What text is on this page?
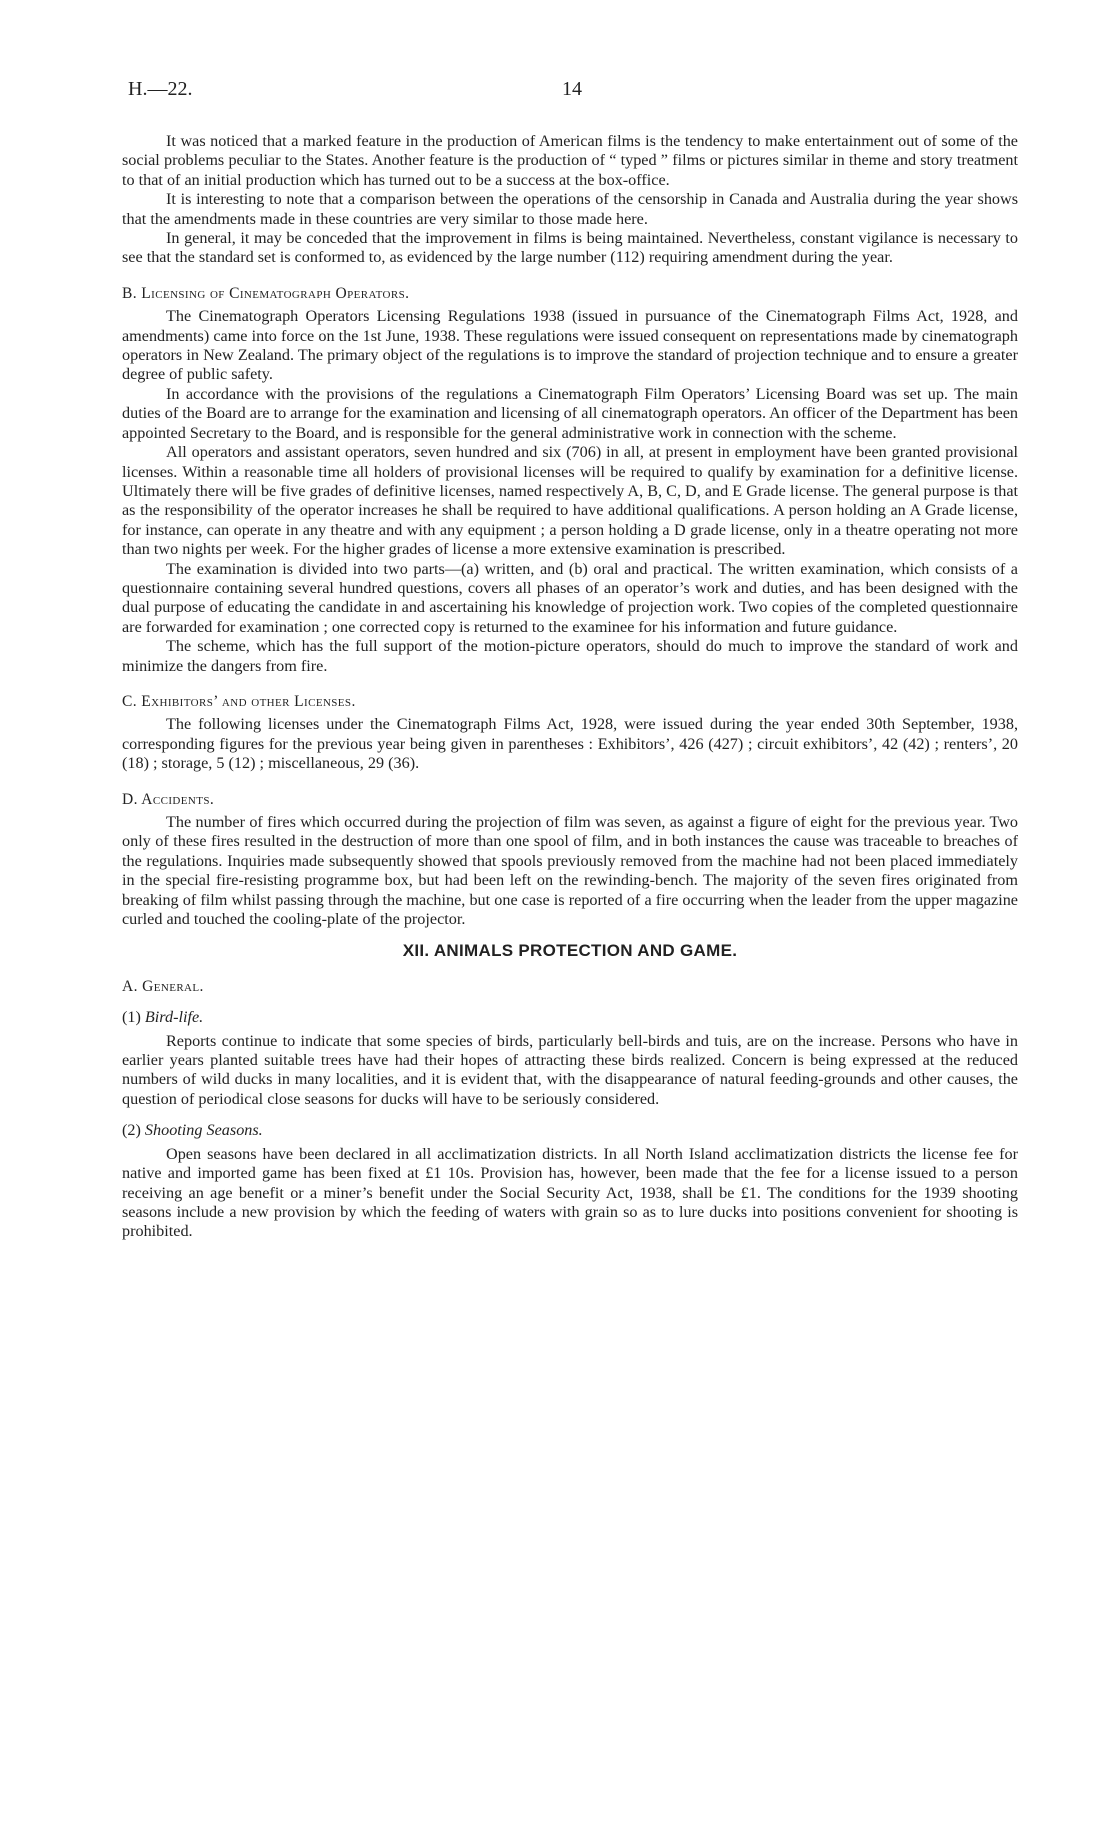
H.—22.	14

It was noticed that a marked feature in the production of American films is the tendency to make entertainment out of some of the social problems peculiar to the States. Another feature is the production of “ typed ” films or pictures similar in theme and story treatment to that of an initial production which has turned out to be a success at the box-office.

It is interesting to note that a comparison between the operations of the censorship in Canada and Australia during the year shows that the amendments made in these countries are very similar to those made here.

In general, it may be conceded that the improvement in films is being maintained. Nevertheless, constant vigilance is necessary to see that the standard set is conformed to, as evidenced by the large number (112) requiring amendment during the year.

B. Licensing of Cinematograph Operators.

The Cinematograph Operators Licensing Regulations 1938 (issued in pursuance of the Cinematograph Films Act, 1928, and amendments) came into force on the 1st June, 1938. These regulations were issued consequent on representations made by cinematograph operators in New Zealand. The primary object of the regulations is to improve the standard of projection technique and to ensure a greater degree of public safety.

In accordance with the provisions of the regulations a Cinematograph Film Operators’ Licensing Board was set up. The main duties of the Board are to arrange for the examination and licensing of all cinematograph operators. An officer of the Department has been appointed Secretary to the Board, and is responsible for the general administrative work in connection with the scheme.

All operators and assistant operators, seven hundred and six (706) in all, at present in employment have been granted provisional licenses. Within a reasonable time all holders of provisional licenses will be required to qualify by examination for a definitive license. Ultimately there will be five grades of definitive licenses, named respectively A, B, C, D, and E Grade license. The general purpose is that as the responsibility of the operator increases he shall be required to have additional qualifications. A person holding an A Grade license, for instance, can operate in any theatre and with any equipment ; a person holding a D grade license, only in a theatre operating not more than two nights per week. For the higher grades of license a more extensive examination is prescribed.

The examination is divided into two parts—(a) written, and (b) oral and practical. The written examination, which consists of a questionnaire containing several hundred questions, covers all phases of an operator’s work and duties, and has been designed with the dual purpose of educating the candidate in and ascertaining his knowledge of projection work. Two copies of the completed questionnaire are forwarded for examination ; one corrected copy is returned to the examinee for his information and future guidance.

The scheme, which has the full support of the motion-picture operators, should do much to improve the standard of work and minimize the dangers from fire.

C. Exhibitors’ and other Licenses.

The following licenses under the Cinematograph Films Act, 1928, were issued during the year ended 30th September, 1938, corresponding figures for the previous year being given in parentheses : Exhibitors’, 426 (427) ; circuit exhibitors’, 42 (42) ; renters’, 20 (18) ; storage, 5 (12) ; miscellaneous, 29 (36).

D. Accidents.

The number of fires which occurred during the projection of film was seven, as against a figure of eight for the previous year. Two only of these fires resulted in the destruction of more than one spool of film, and in both instances the cause was traceable to breaches of the regulations. Inquiries made subsequently showed that spools previously removed from the machine had not been placed immediately in the special fire-resisting programme box, but had been left on the rewinding-bench. The majority of the seven fires originated from breaking of film whilst passing through the machine, but one case is reported of a fire occurring when the leader from the upper magazine curled and touched the cooling-plate of the projector.

XII. ANIMALS PROTECTION AND GAME.
A. General.
(1) Bird-life.

Reports continue to indicate that some species of birds, particularly bell-birds and tuis, are on the increase. Persons who have in earlier years planted suitable trees have had their hopes of attracting these birds realized. Concern is being expressed at the reduced numbers of wild ducks in many localities, and it is evident that, with the disappearance of natural feeding-grounds and other causes, the question of periodical close seasons for ducks will have to be seriously considered.

(2) Shooting Seasons.

Open seasons have been declared in all acclimatization districts. In all North Island acclimatization districts the license fee for native and imported game has been fixed at £1 10s. Provision has, however, been made that the fee for a license issued to a person receiving an age benefit or a miner’s benefit under the Social Security Act, 1938, shall be £1. The conditions for the 1939 shooting seasons include a new provision by which the feeding of waters with grain so as to lure ducks into positions convenient for shooting is prohibited.
